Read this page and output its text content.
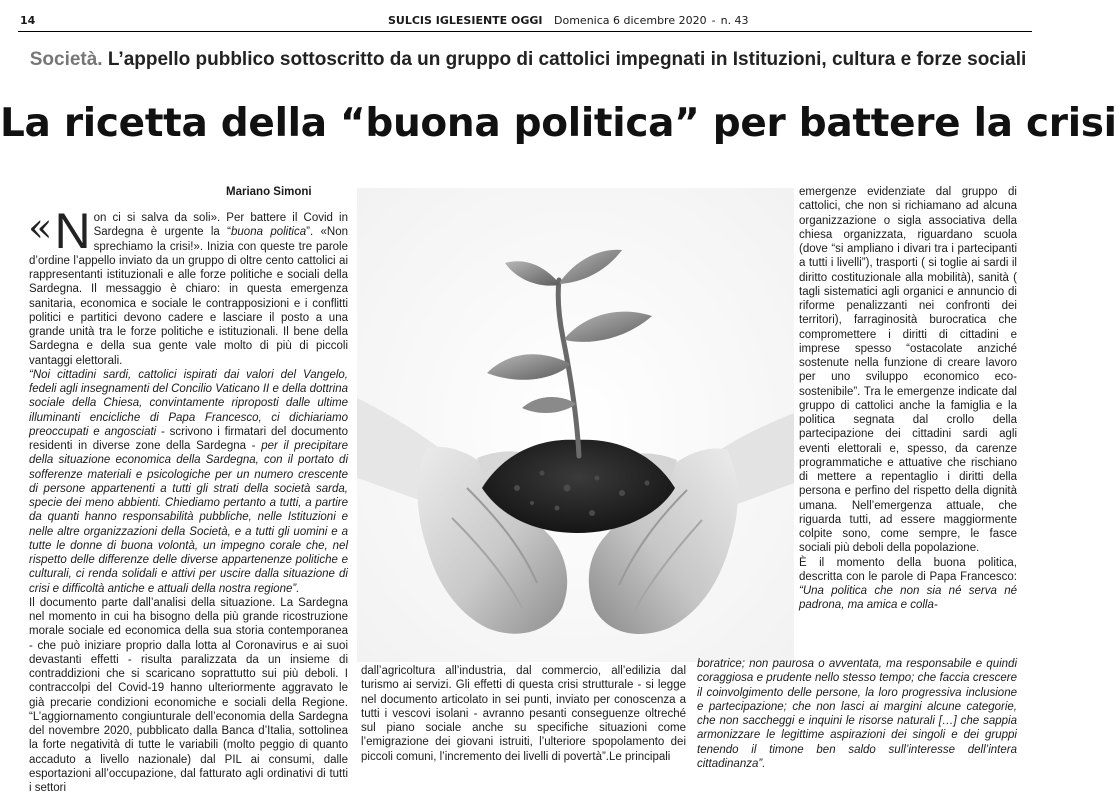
14	SULCIS IGLESIENTE OGGI Domenica 6 dicembre 2020 - n. 43
Società. L’appello pubblico sottoscritto da un gruppo di cattolici impegnati in Istituzioni, cultura e forze sociali
La ricetta della “buona politica” per battere la crisi
Mariano Simoni
« N on ci si salva da soli». Per battere il Covid in Sardegna è urgente la “buona politica”. «Non sprechiamo la crisi!». Inizia con queste tre parole d’ordine l’appello inviato da un gruppo di oltre cento cattolici ai rappresentanti istituzionali e alle forze politiche e sociali della Sardegna. Il messaggio è chiaro: in questa emergenza sanitaria, economica e sociale le contrapposizioni e i conflitti politici e partitici devono cadere e lasciare il posto a una grande unità tra le forze politiche e istituzionali. Il bene della Sardegna e della sua gente vale molto di più di piccoli vantaggi elettorali.

“Noi cittadini sardi, cattolici ispirati dai valori del Vangelo, fedeli agli insegnamenti del Concilio Vaticano II e della dottrina sociale della Chiesa, convintamente riproposti dalle ultime illuminanti encicliche di Papa Francesco, ci dichiariamo preoccupati e angosciati - scrivono i firmatari del documento residenti in diverse zone della Sardegna - per il precipitare della situazione economica della Sardegna, con il portato di sofferenze materiali e psicologiche per un numero crescente di persone appartenenti a tutti gli strati della società sarda, specie dei meno abbienti. Chiediamo pertanto a tutti, a partire da quanti hanno responsabilità pubbliche, nelle Istituzioni e nelle altre organizzazioni della Società, e a tutti gli uomini e a tutte le donne di buona volontà, un impegno corale che, nel rispetto delle differenze delle diverse appartenenze politiche e culturali, ci renda solidali e attivi per uscire dalla situazione di crisi e difficoltà antiche e attuali della nostra regione”.

Il documento parte dall’analisi della situazione. La Sardegna nel momento in cui ha bisogno della più grande ricostruzione morale sociale ed economica della sua storia contemporanea - che può iniziare proprio dalla lotta al Coronavirus e ai suoi devastanti effetti - risulta paralizzata da un insieme di contraddizioni che si scaricano soprattutto sui più deboli. I contraccolpi del Covid-19 hanno ulteriormente aggravato le già precarie condizioni economiche e sociali della Regione. “L’aggiornamento congiunturale dell’economia della Sardegna del novembre 2020, pubblicato dalla Banca d’Italia, sottolinea la forte negatività di tutte le variabili (molto peggio di quanto accaduto a livello nazionale) dal PIL ai consumi, dalle esportazioni all’occupazione, dal fatturato agli ordinativi di tutti i settori

dall’agricoltura all’industria, dal commercio, all’edilizia dal turismo ai servizi. Gli effetti di questa crisi strutturale - si legge nel documento articolato in sei punti, inviato per conoscenza a tutti i vescovi isolani - avranno pesanti conseguenze oltreché sul piano sociale anche su specifiche situazioni come l’emigrazione dei giovani istruiti, l’ulteriore spopolamento dei piccoli comuni, l’incremento dei livelli di povertà”.Le principali

emergenze evidenziate dal gruppo di cattolici, che non si richiamano ad alcuna organizzazione o sigla associativa della chiesa organizzata, riguardano scuola (dove “si ampliano i divari tra i partecipanti a tutti i livelli”), trasporti ( si toglie ai sardi il diritto costituzionale alla mobilità), sanità ( tagli sistematici agli organici e annuncio di riforme penalizzanti nei confronti dei territori), farraginosità burocratica che compromettere i diritti di cittadini e imprese spesso “ostacolate anziché sostenute nella funzione di creare lavoro per uno sviluppo economico eco-sostenibile”. Tra le emergenze indicate dal gruppo di cattolici anche la famiglia e la politica segnata dal crollo della partecipazione dei cittadini sardi agli eventi elettorali e, spesso, da carenze programmatiche e attuative che rischiano di mettere a repentaglio i diritti della persona e perfino del rispetto della dignità umana. Nell’emergenza attuale, che riguarda tutti, ad essere maggiormente colpite sono, come sempre, le fasce sociali più deboli della popolazione.

È il momento della buona politica, descritta con le parole di Papa Francesco: “Una politica che non sia né serva né padrona, ma amica e colla-

boratrice; non paurosa o avventata, ma responsabile e quindi coraggiosa e prudente nello stesso tempo; che faccia crescere il coinvolgimento delle persone, la loro progressiva inclusione e partecipazione; che non lasci ai margini alcune categorie, che non saccheggi e inquini le risorse naturali […] che sappia armonizzare le legittime aspirazioni dei singoli e dei gruppi tenendo il timone ben saldo sull’interesse dell’intera cittadinanza”.
